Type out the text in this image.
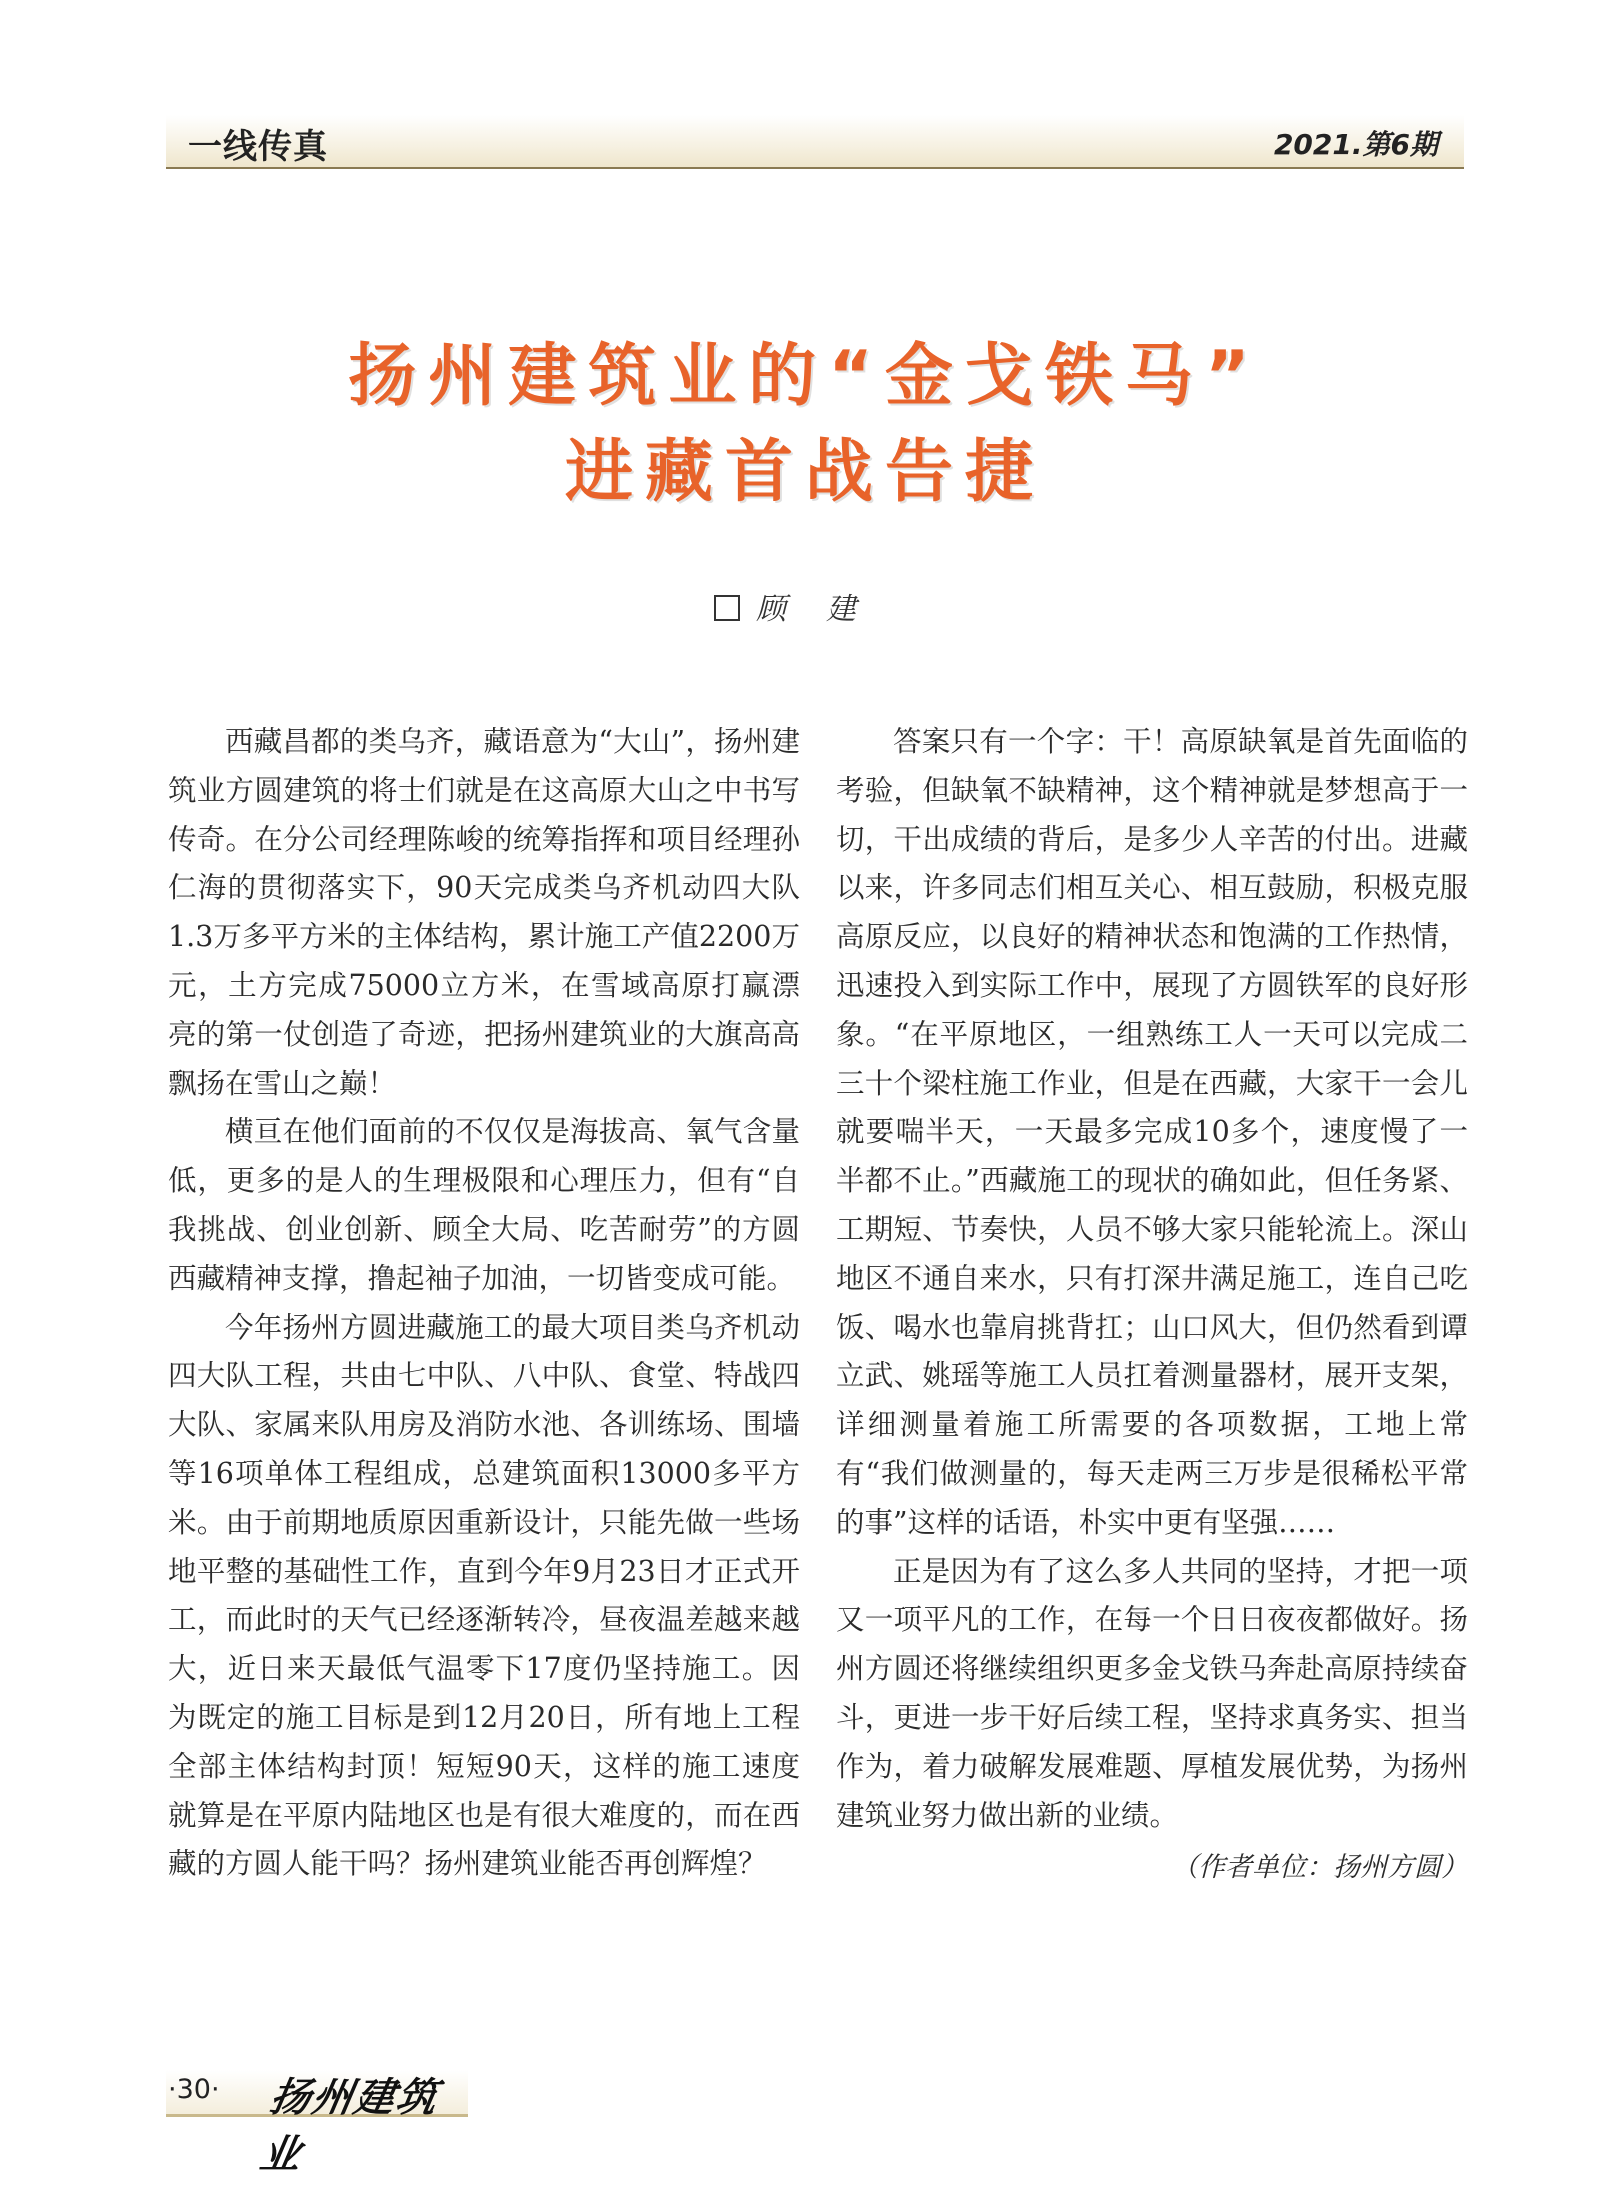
一线传真	2021.第6期
扬州建筑业的“金戈铁马”
进藏首战告捷
顾建

西藏昌都的类乌齐，藏语意为“大山”，扬州建筑业方圆建筑的将士们就是在这高原大山之中书写传奇。在分公司经理陈峻的统筹指挥和项目经理孙仁海的贯彻落实下，90天完成类乌齐机动四大队1.3万多平方米的主体结构，累计施工产值2200万元，土方完成75000立方米，在雪域高原打赢漂亮的第一仗创造了奇迹，把扬州建筑业的大旗高高飘扬在雪山之巅！

横亘在他们面前的不仅仅是海拔高、氧气含量低，更多的是人的生理极限和心理压力，但有“自我挑战、创业创新、顾全大局、吃苦耐劳”的方圆西藏精神支撑，撸起袖子加油，一切皆变成可能。

今年扬州方圆进藏施工的最大项目类乌齐机动四大队工程，共由七中队、八中队、食堂、特战四大队、家属来队用房及消防水池、各训练场、围墙等16项单体工程组成，总建筑面积13000多平方米。由于前期地质原因重新设计，只能先做一些场地平整的基础性工作，直到今年9月23日才正式开工，而此时的天气已经逐渐转冷，昼夜温差越来越大，近日来天最低气温零下17度仍坚持施工。因为既定的施工目标是到12月20日，所有地上工程全部主体结构封顶！短短90天，这样的施工速度就算是在平原内陆地区也是有很大难度的，而在西藏的方圆人能干吗？扬州建筑业能否再创辉煌？

答案只有一个字：干！高原缺氧是首先面临的考验，但缺氧不缺精神，这个精神就是梦想高于一切，干出成绩的背后，是多少人辛苦的付出。进藏以来，许多同志们相互关心、相互鼓励，积极克服高原反应，以良好的精神状态和饱满的工作热情，迅速投入到实际工作中，展现了方圆铁军的良好形象。“在平原地区，一组熟练工人一天可以完成二三十个梁柱施工作业，但是在西藏，大家干一会儿就要喘半天，一天最多完成10多个，速度慢了一半都不止。”西藏施工的现状的确如此，但任务紧、工期短、节奏快，人员不够大家只能轮流上。深山地区不通自来水，只有打深井满足施工，连自己吃饭、喝水也靠肩挑背扛；山口风大，但仍然看到谭立武、姚瑶等施工人员扛着测量器材，展开支架，详细测量着施工所需要的各项数据，工地上常有“我们做测量的，每天走两三万步是很稀松平常的事”这样的话语，朴实中更有坚强……

正是因为有了这么多人共同的坚持，才把一项又一项平凡的工作，在每一个日日夜夜都做好。扬州方圆还将继续组织更多金戈铁马奔赴高原持续奋斗，更进一步干好后续工程，坚持求真务实、担当作为，着力破解发展难题、厚植发展优势，为扬州建筑业努力做出新的业绩。

（作者单位：扬州方圆）
·30· 扬州建筑业
